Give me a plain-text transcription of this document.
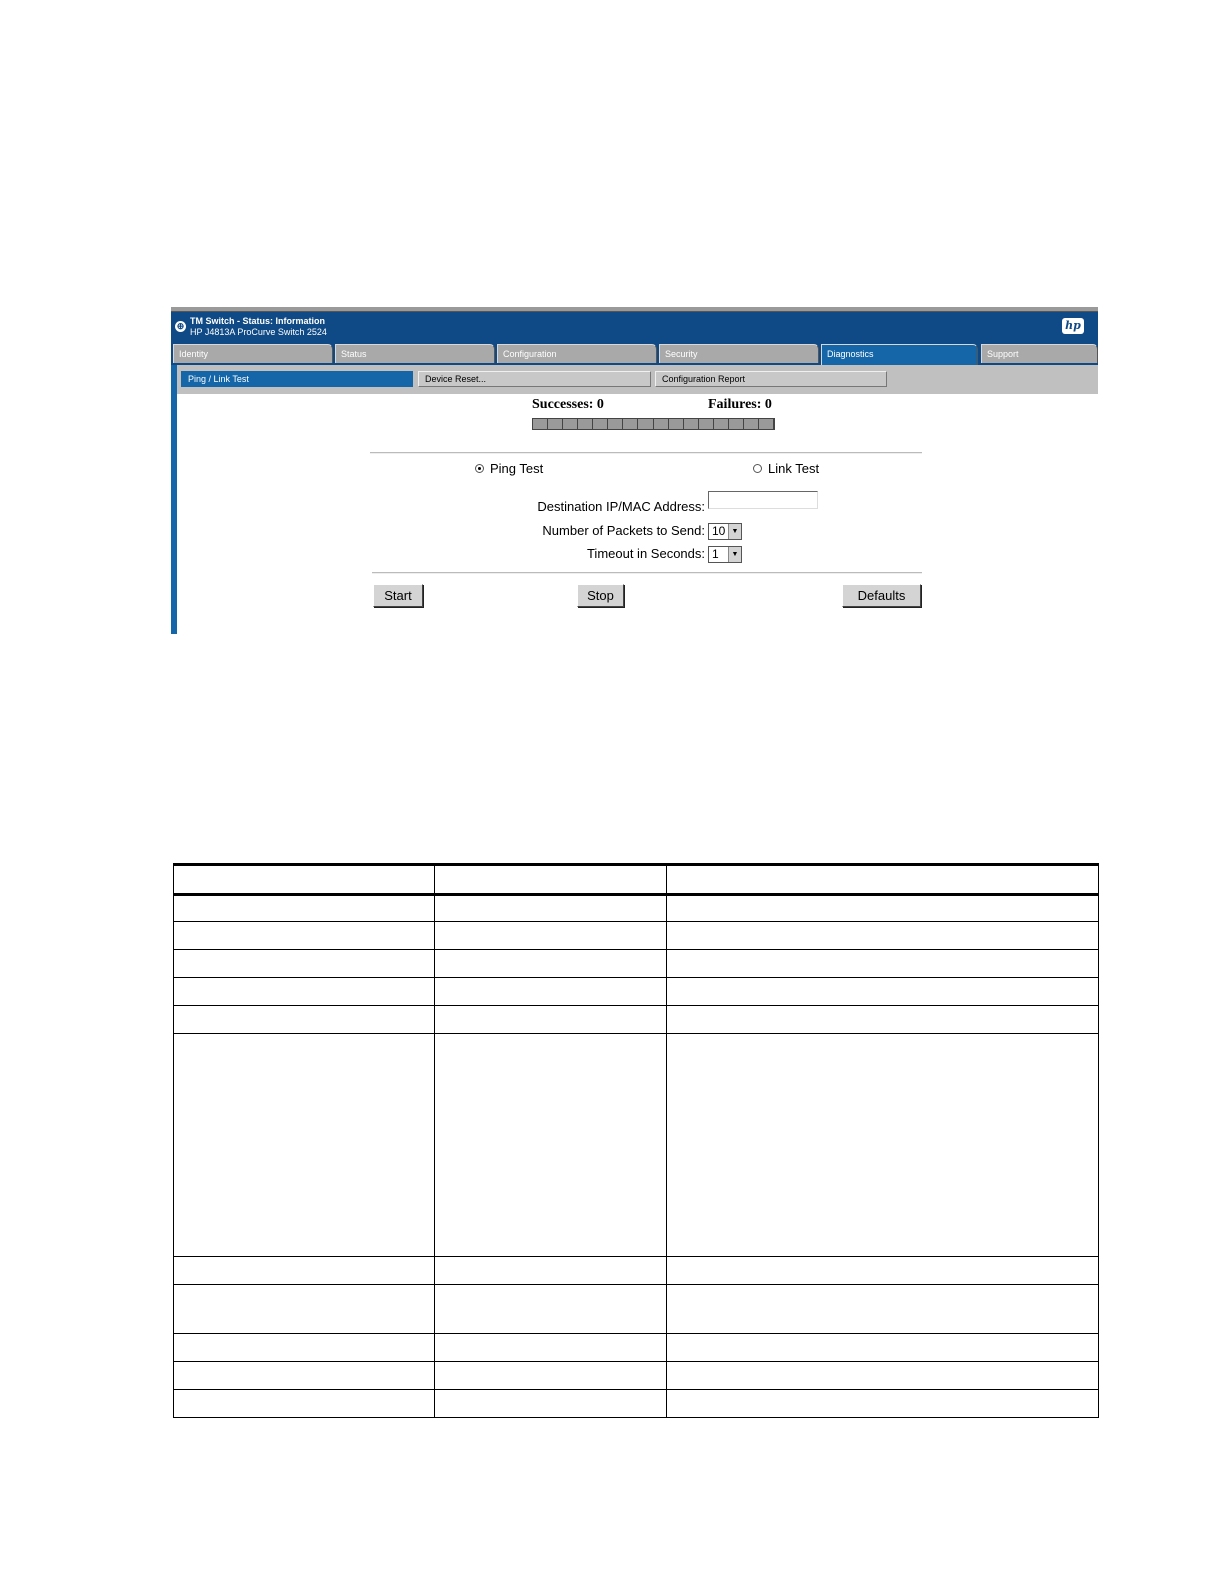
⊕ TM Switch - Status: Information
HP J4813A ProCurve Switch 2524	hp
Identity	Status	Configuration	Security	Diagnostics	Support
Ping / Link Test	Device Reset...	Configuration Report
Successes: 0	Failures: 0
Ping Test	Link Test
Destination IP/MAC Address:
Number of Packets to Send: 10 ▼
Timeout in Seconds: 1	▼
Start	Stop	Defaults
